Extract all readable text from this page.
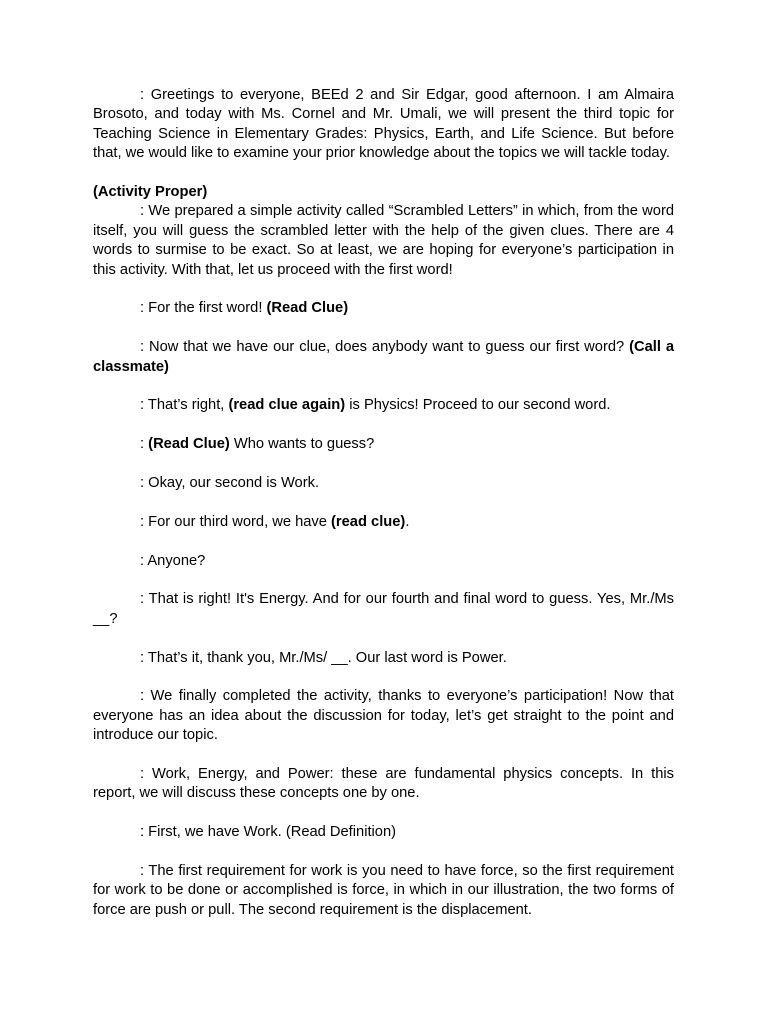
: Greetings to everyone, BEEd 2 and Sir Edgar, good afternoon. I am Almaira Brosoto, and today with Ms. Cornel and Mr. Umali, we will present the third topic for Teaching Science in Elementary Grades: Physics, Earth, and Life Science. But before that, we would like to examine your prior knowledge about the topics we will tackle today.

(Activity Proper)

: We prepared a simple activity called “Scrambled Letters” in which, from the word itself, you will guess the scrambled letter with the help of the given clues. There are 4 words to surmise to be exact. So at least, we are hoping for everyone’s participation in this activity. With that, let us proceed with the first word!

: For the first word! (Read Clue)

: Now that we have our clue, does anybody want to guess our first word? (Call a classmate)

: That’s right, (read clue again) is Physics! Proceed to our second word.

: (Read Clue) Who wants to guess?

: Okay, our second is Work.

: For our third word, we have (read clue).

: Anyone?

: That is right! It's Energy. And for our fourth and final word to guess. Yes, Mr./Ms __?

: That’s it, thank you, Mr./Ms/ __. Our last word is Power.

: We finally completed the activity, thanks to everyone’s participation! Now that everyone has an idea about the discussion for today, let’s get straight to the point and introduce our topic.

: Work, Energy, and Power: these are fundamental physics concepts. In this report, we will discuss these concepts one by one.

: First, we have Work. (Read Definition)

: The first requirement for work is you need to have force, so the first requirement for work to be done or accomplished is force, in which in our illustration, the two forms of force are push or pull. The second requirement is the displacement.
